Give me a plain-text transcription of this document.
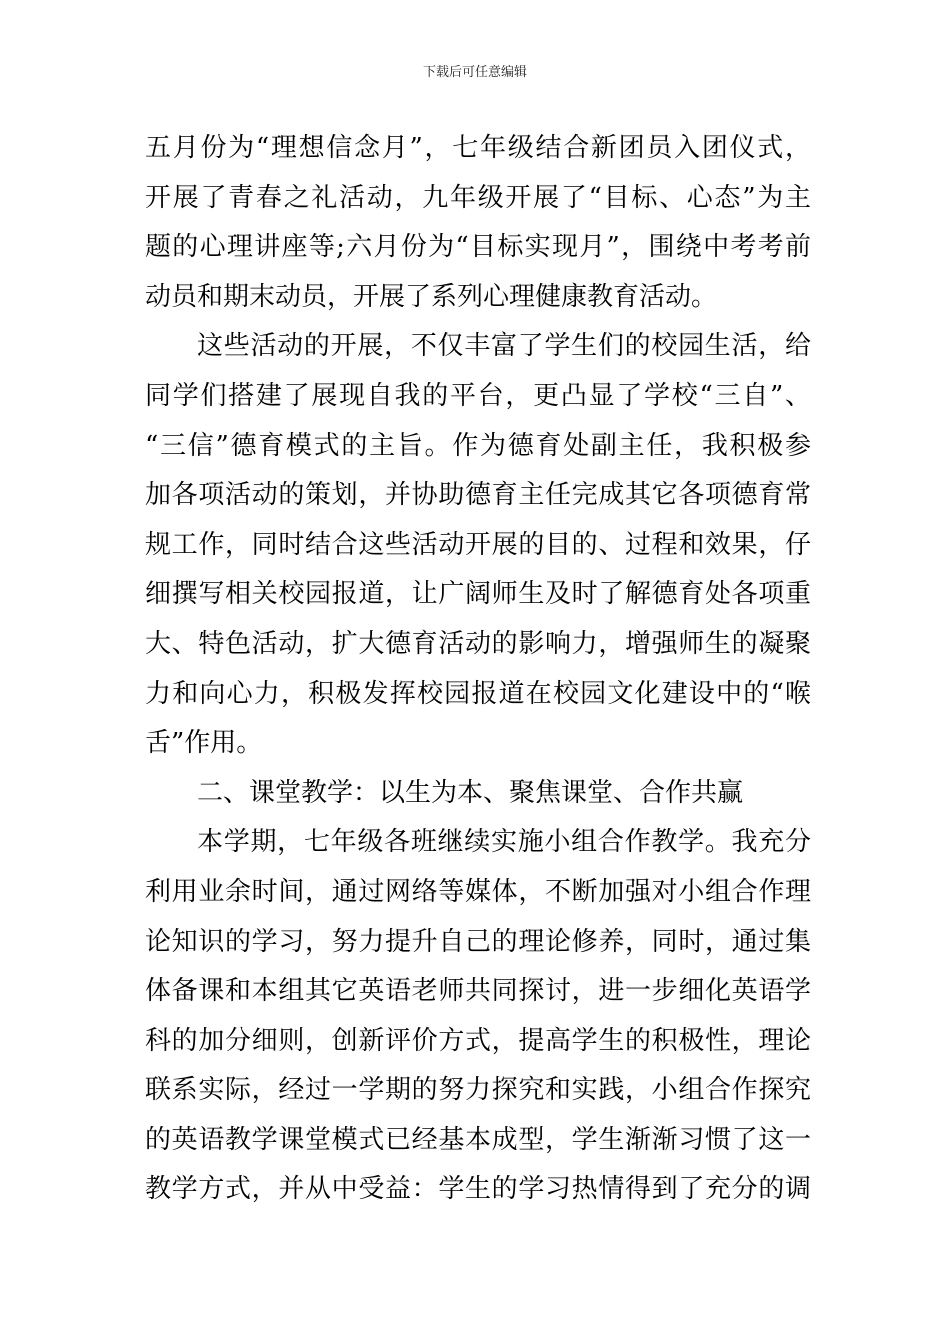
下载后可任意编辑
五月份为“理想信念月”，七年级结合新团员入团仪式，
开展了青春之礼活动，九年级开展了“目标、心态”为主
题的心理讲座等;六月份为“目标实现月”，围绕中考考前
动员和期末动员，开展了系列心理健康教育活动。
这些活动的开展，不仅丰富了学生们的校园生活，给
同学们搭建了展现自我的平台，更凸显了学校“三自”、
“三信”德育模式的主旨。作为德育处副主任，我积极参
加各项活动的策划，并协助德育主任完成其它各项德育常
规工作，同时结合这些活动开展的目的、过程和效果，仔
细撰写相关校园报道，让广阔师生及时了解德育处各项重
大、特色活动，扩大德育活动的影响力，增强师生的凝聚
力和向心力，积极发挥校园报道在校园文化建设中的“喉
舌”作用。
二、课堂教学：以生为本、聚焦课堂、合作共赢
本学期，七年级各班继续实施小组合作教学。我充分
利用业余时间，通过网络等媒体，不断加强对小组合作理
论知识的学习，努力提升自己的理论修养，同时，通过集
体备课和本组其它英语老师共同探讨，进一步细化英语学
科的加分细则，创新评价方式，提高学生的积极性，理论
联系实际，经过一学期的努力探究和实践，小组合作探究
的英语教学课堂模式已经基本成型，学生渐渐习惯了这一
教学方式，并从中受益：学生的学习热情得到了充分的调
